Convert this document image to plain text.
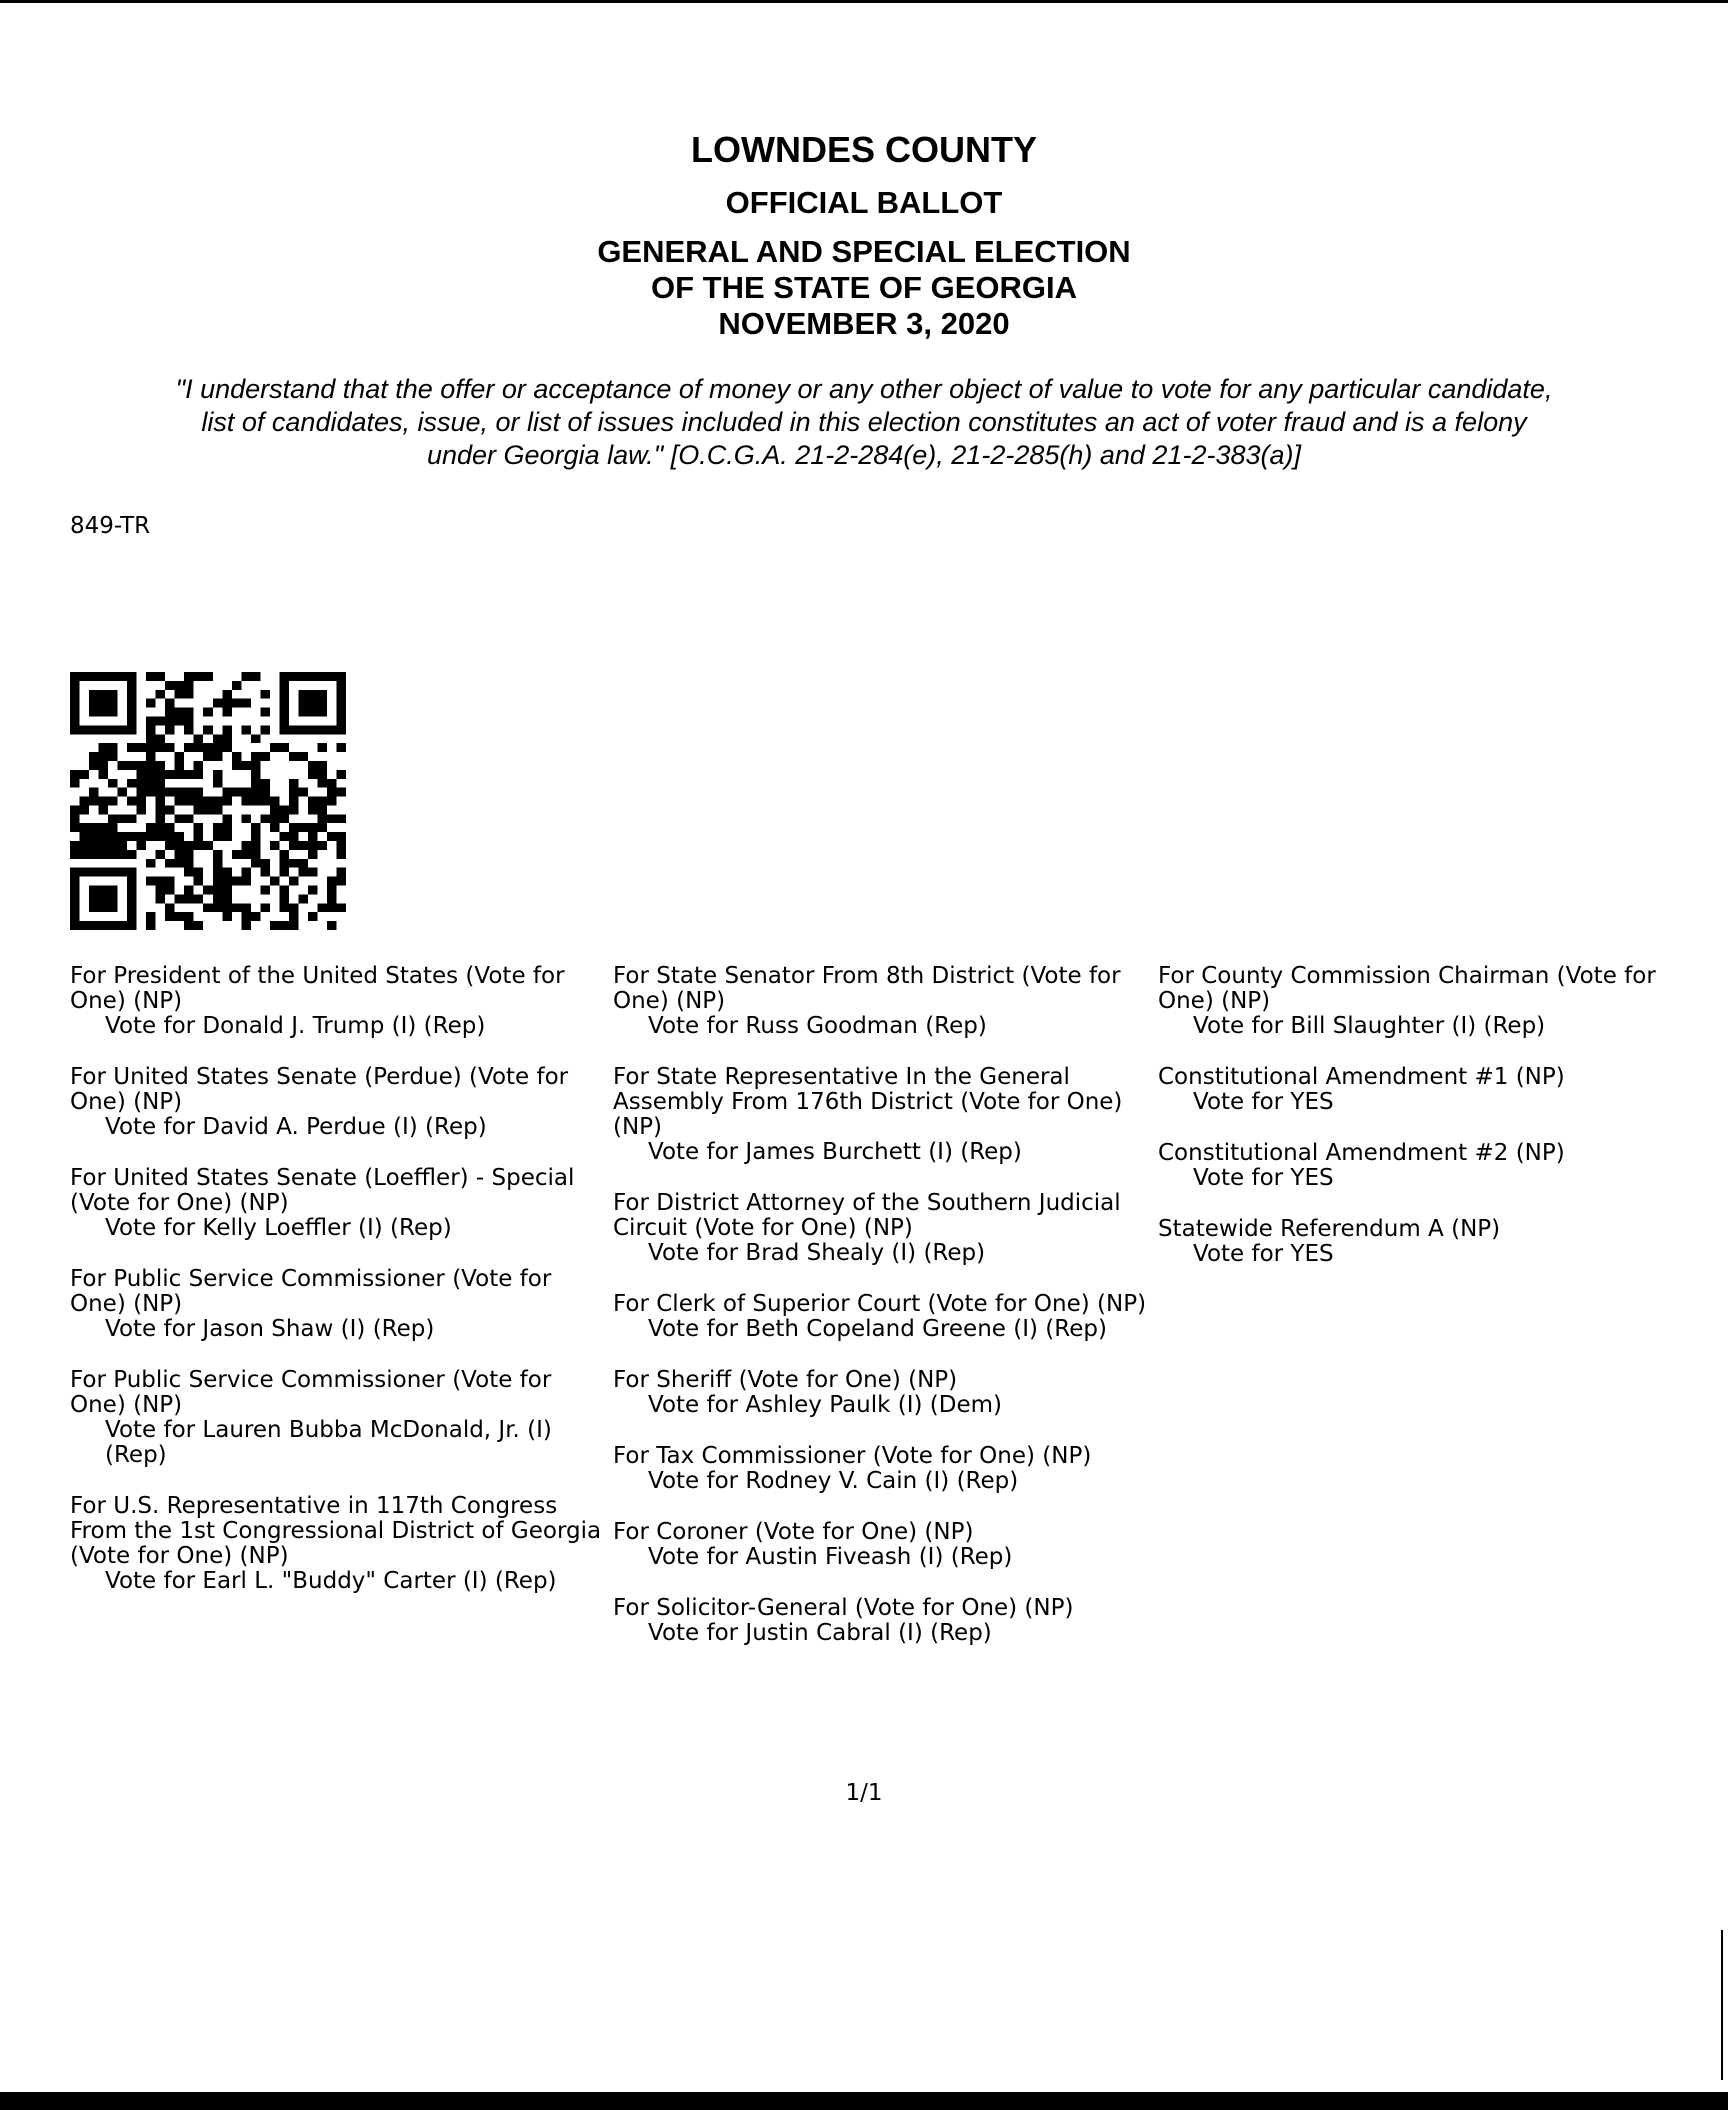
LOWNDES COUNTY
OFFICIAL BALLOT
GENERAL AND SPECIAL ELECTION
OF THE STATE OF GEORGIA
NOVEMBER 3, 2020
"I understand that the offer or acceptance of money or any other object of value to vote for any particular candidate,
list of candidates, issue, or list of issues included in this election constitutes an act of voter fraud and is a felony
under Georgia law." [O.C.G.A. 21-2-284(e), 21-2-285(h) and 21-2-383(a)]
849-TR
For President of the United States (Vote for One) (NP)
Vote for Donald J. Trump (I) (Rep)
For United States Senate (Perdue) (Vote for One) (NP)
Vote for David A. Perdue (I) (Rep)
For United States Senate (Loeffler) - Special (Vote for One) (NP)
Vote for Kelly Loeffler (I) (Rep)
For Public Service Commissioner (Vote for One) (NP)
Vote for Jason Shaw (I) (Rep)
For Public Service Commissioner (Vote for One) (NP)
Vote for Lauren Bubba McDonald, Jr. (I) (Rep)
For U.S. Representative in 117th Congress From the 1st Congressional District of Georgia (Vote for One) (NP)
Vote for Earl L. "Buddy" Carter (I) (Rep)
For State Senator From 8th District (Vote for One) (NP)
Vote for Russ Goodman (Rep)
For State Representative In the General Assembly From 176th District (Vote for One) (NP)
Vote for James Burchett (I) (Rep)
For District Attorney of the Southern Judicial Circuit (Vote for One) (NP)
Vote for Brad Shealy (I) (Rep)
For Clerk of Superior Court (Vote for One) (NP)
Vote for Beth Copeland Greene (I) (Rep)
For Sheriff (Vote for One) (NP)
Vote for Ashley Paulk (I) (Dem)
For Tax Commissioner (Vote for One) (NP)
Vote for Rodney V. Cain (I) (Rep)
For Coroner (Vote for One) (NP)
Vote for Austin Fiveash (I) (Rep)
For Solicitor-General (Vote for One) (NP)
Vote for Justin Cabral (I) (Rep)
For County Commission Chairman (Vote for One) (NP)
Vote for Bill Slaughter (I) (Rep)
Constitutional Amendment #1 (NP)
Vote for YES
Constitutional Amendment #2 (NP)
Vote for YES
Statewide Referendum A (NP)
Vote for YES
1/1
